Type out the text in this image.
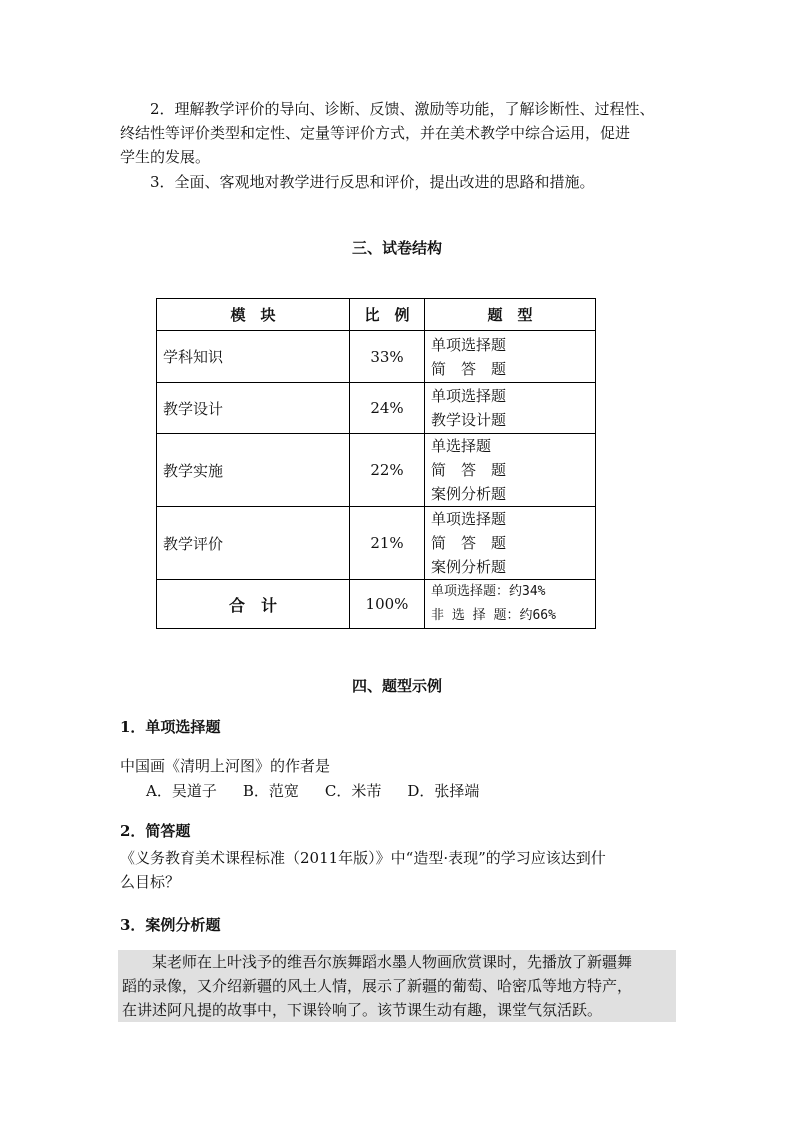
2．理解教学评价的导向、诊断、反馈、激励等功能，了解诊断性、过程性、

终结性等评价类型和定性、定量等评价方式，并在美术教学中综合运用，促进

学生的发展。

3．全面、客观地对教学进行反思和评价，提出改进的思路和措施。

三、试卷结构
模　块	比　例	题　型
学科知识	33%	单项选择题
简　答　题

教学设计	24%	单项选择题
教学设计题

教学实施	22%	单选择题
简　答　题
案例分析题

教学评价	21%	单项选择题
简　答　题
案例分析题

合　计	100%	单项选择题：约34%
非 选 择 题：约66%
四、题型示例

1．单项选择题

中国画《清明上河图》的作者是

A．吴道子 B．范宽 C．米芾 D．张择端

2．简答题

《义务教育美术课程标准（2011年版）》中“造型·表现”的学习应该达到什

么目标？

3．案例分析题

某老师在上叶浅予的维吾尔族舞蹈水墨人物画欣赏课时，先播放了新疆舞

蹈的录像，又介绍新疆的风土人情，展示了新疆的葡萄、哈密瓜等地方特产，

在讲述阿凡提的故事中，下课铃响了。该节课生动有趣，课堂气氛活跃。
